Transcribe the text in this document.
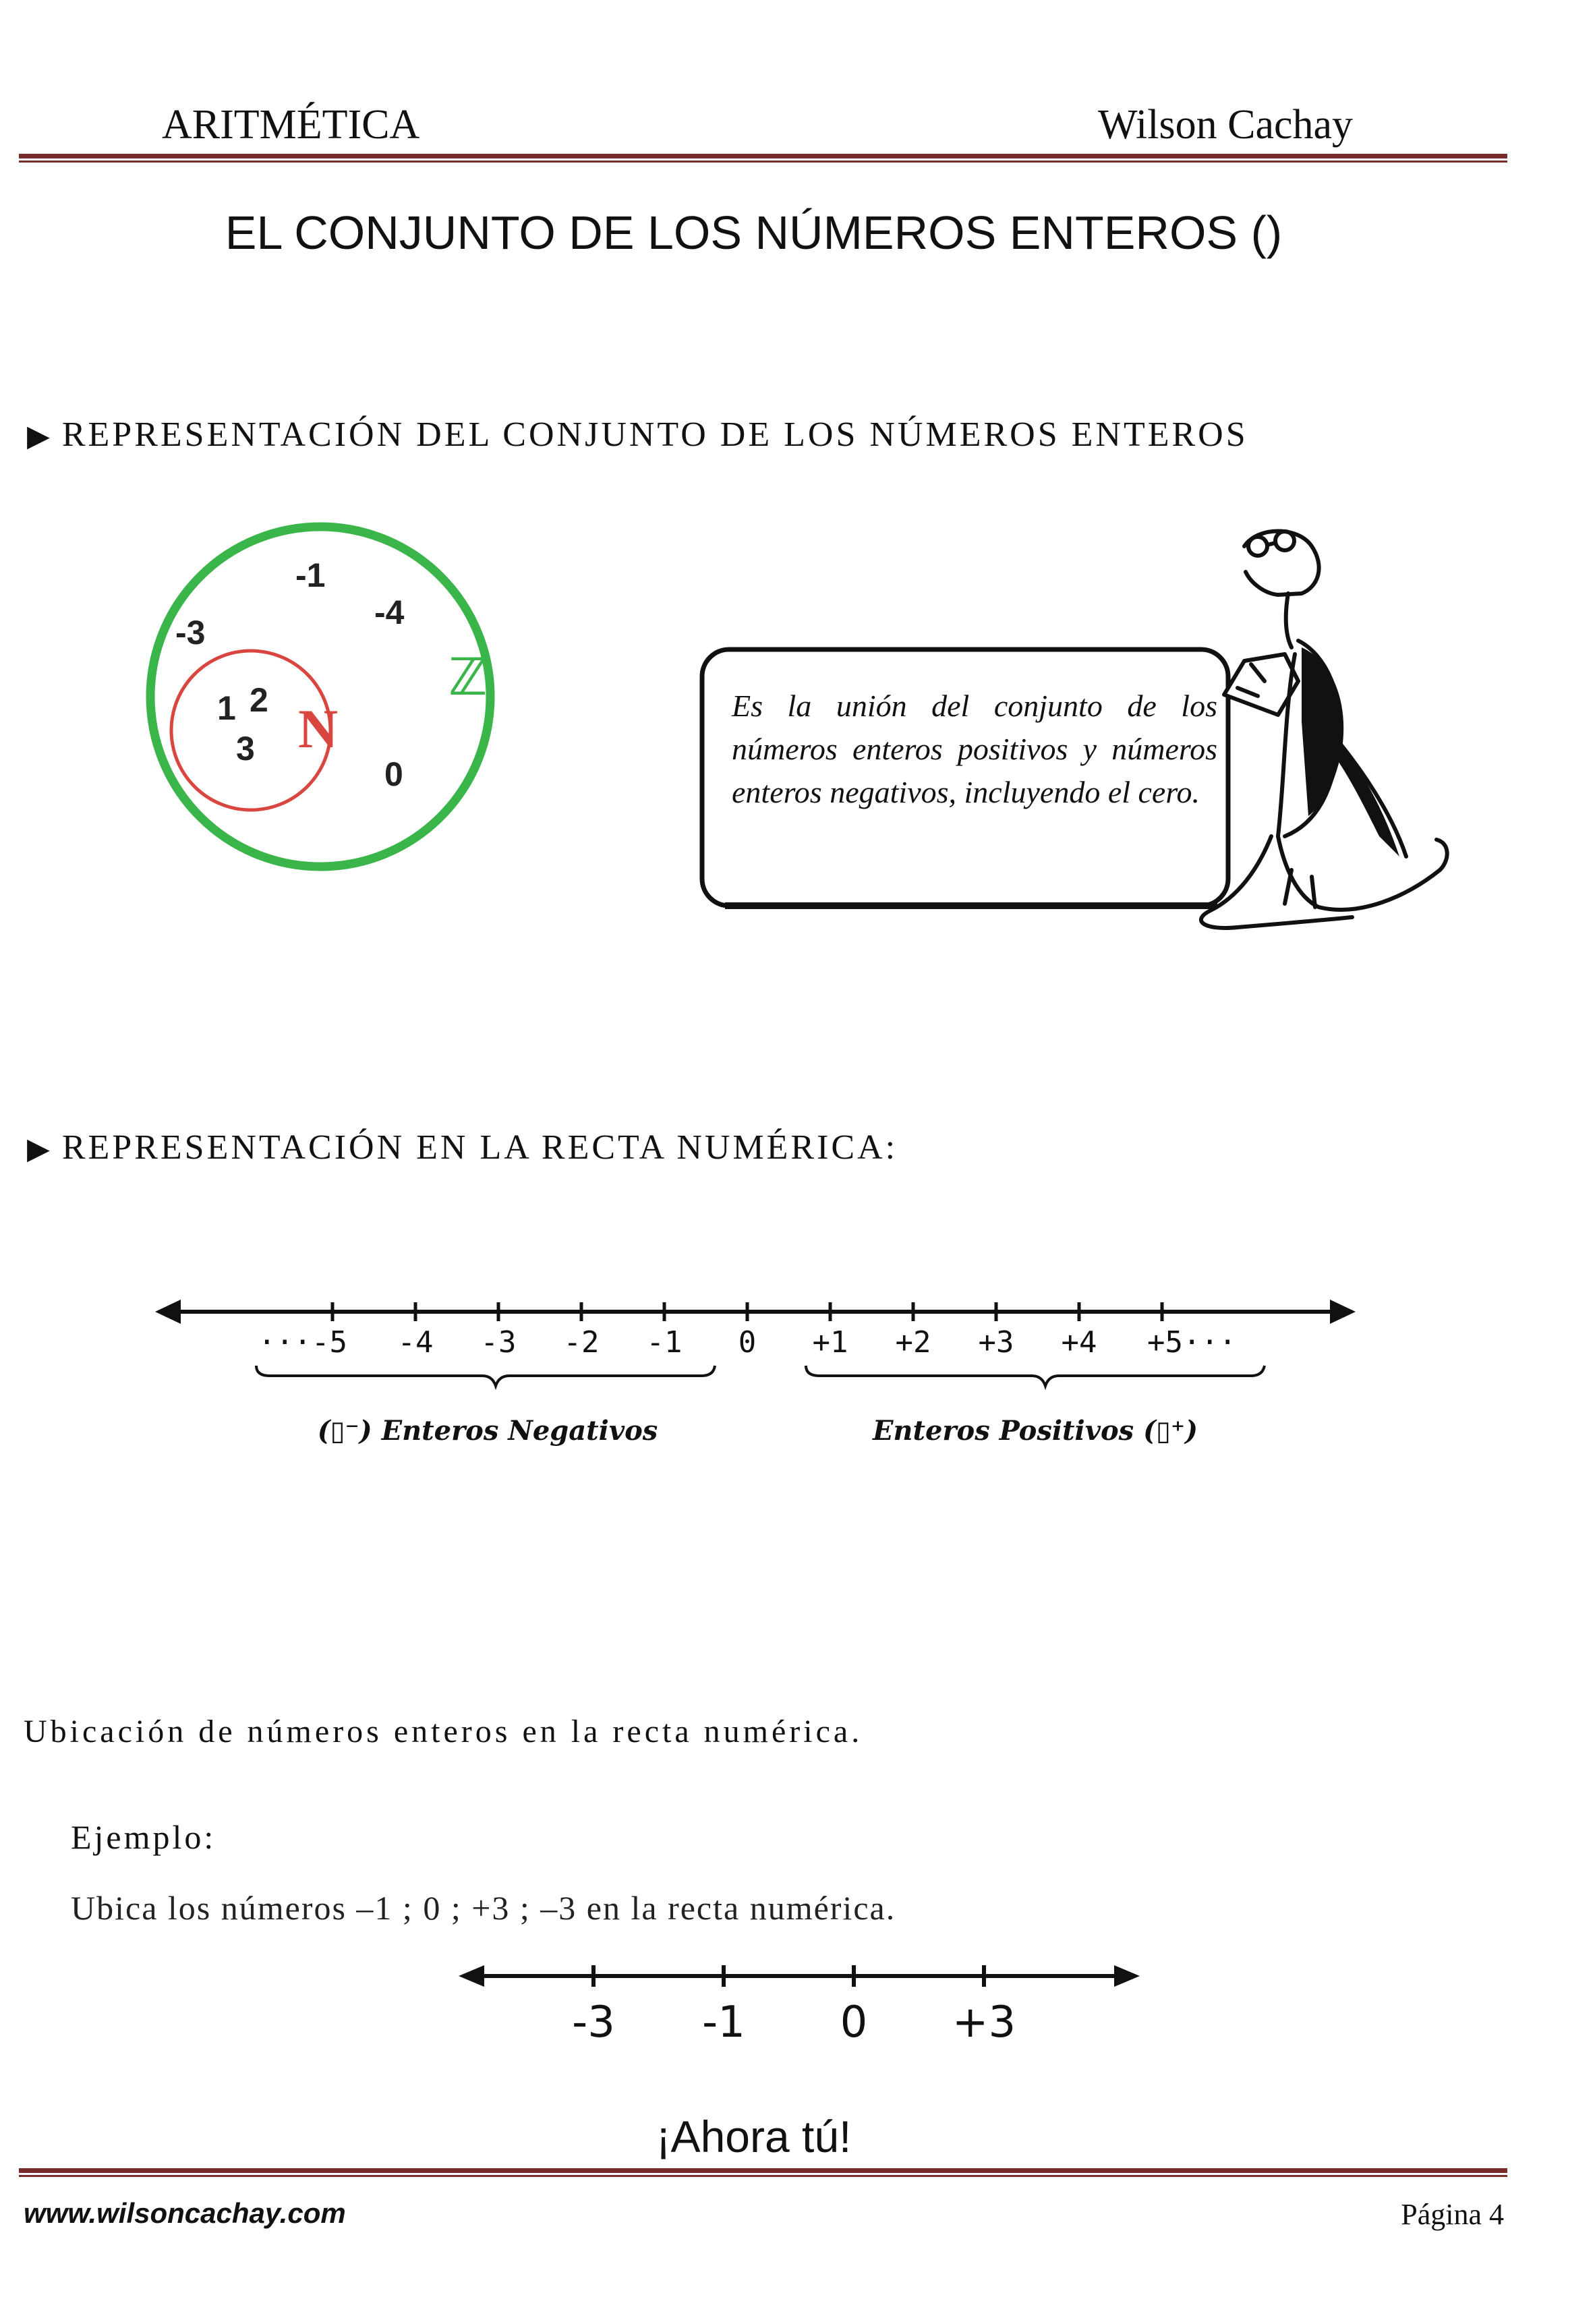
ARITMÉTICA	Wilson Cachay
EL CONJUNTO DE LOS NÚMEROS ENTEROS ()
▶ REPRESENTACIÓN DEL CONJUNTO DE LOS NÚMEROS ENTEROS
-1
-3
-4
0
ℤ
1 2
3 N	Es la unión del conjunto de los números enteros positivos y números enteros negativos, incluyendo el cero.
▶ REPRESENTACIÓN EN LA RECTA NUMÉRICA:
···-5 -4 -3 -2 -1 0 +1 +2 +3 +4 +5···
(▯⁻) Enteros Negativos	Enteros Positivos (▯⁺)
Ubicación de números enteros en la recta numérica.
Ejemplo:
Ubica los números –1 ; 0 ; +3 ; –3 en la recta numérica.
-3 -1 0 +3
¡Ahora tú!
www.wilsoncachay.com	Página 4
